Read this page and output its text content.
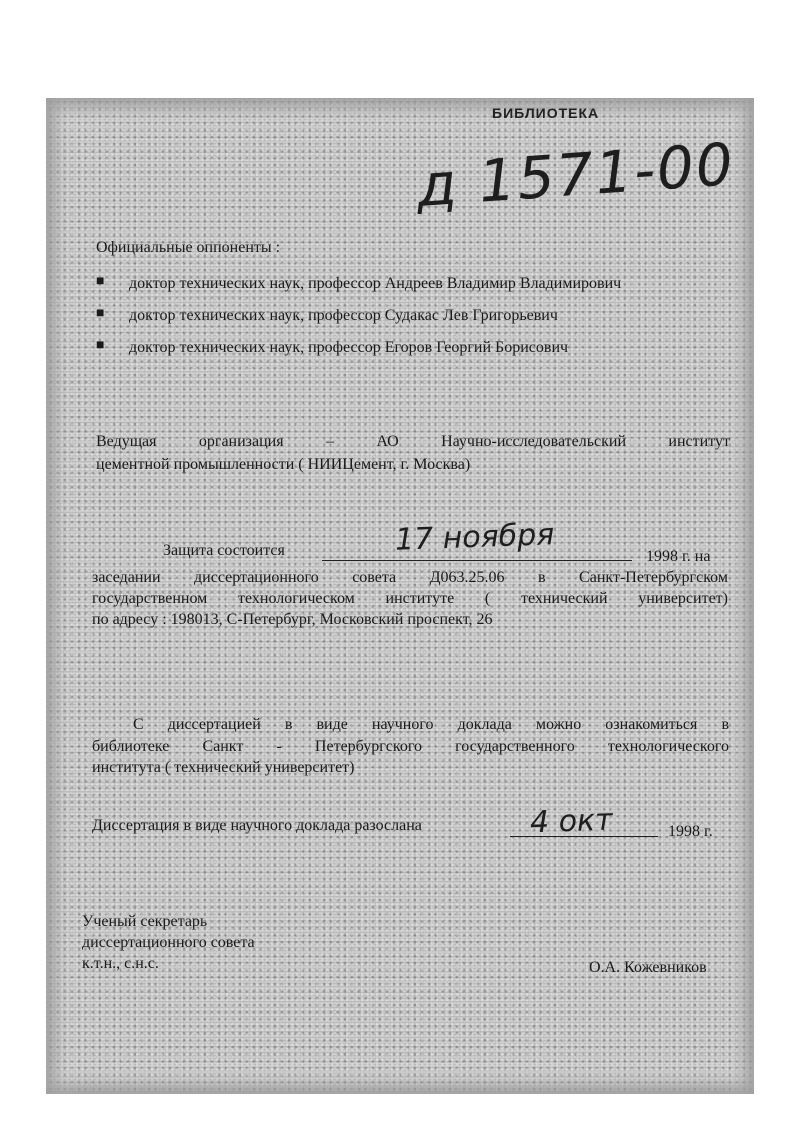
БИБЛИОТЕКА
д 1571-00
Официальные оппоненты :
■ доктор технических наук, профессор Андреев Владимир Владимирович
■ доктор технических наук, профессор Судакас Лев Григорьевич
■ доктор технических наук, профессор Егоров Георгий Борисович
Ведущая	организация	–	АО	Научно-исследовательский	институт
цементной промышленности ( НИИЦемент, г. Москва)
Защита состоится	17 ноября	1998 г. на
заседании диссертационного совета Д063.25.06 в Санкт-Петербургском
государственном технологическом институте ( технический университет)
по адресу : 198013, С-Петербург, Московский проспект, 26
С диссертацией в виде научного доклада можно ознакомиться в
библиотеке Санкт - Петербургского государственного технологического
института ( технический университет)
Диссертация в виде научного доклада разослана	4 окт	1998 г.
Ученый секретарь
диссертационного совета
к.т.н., с.н.с.	О.А. Кожевников
